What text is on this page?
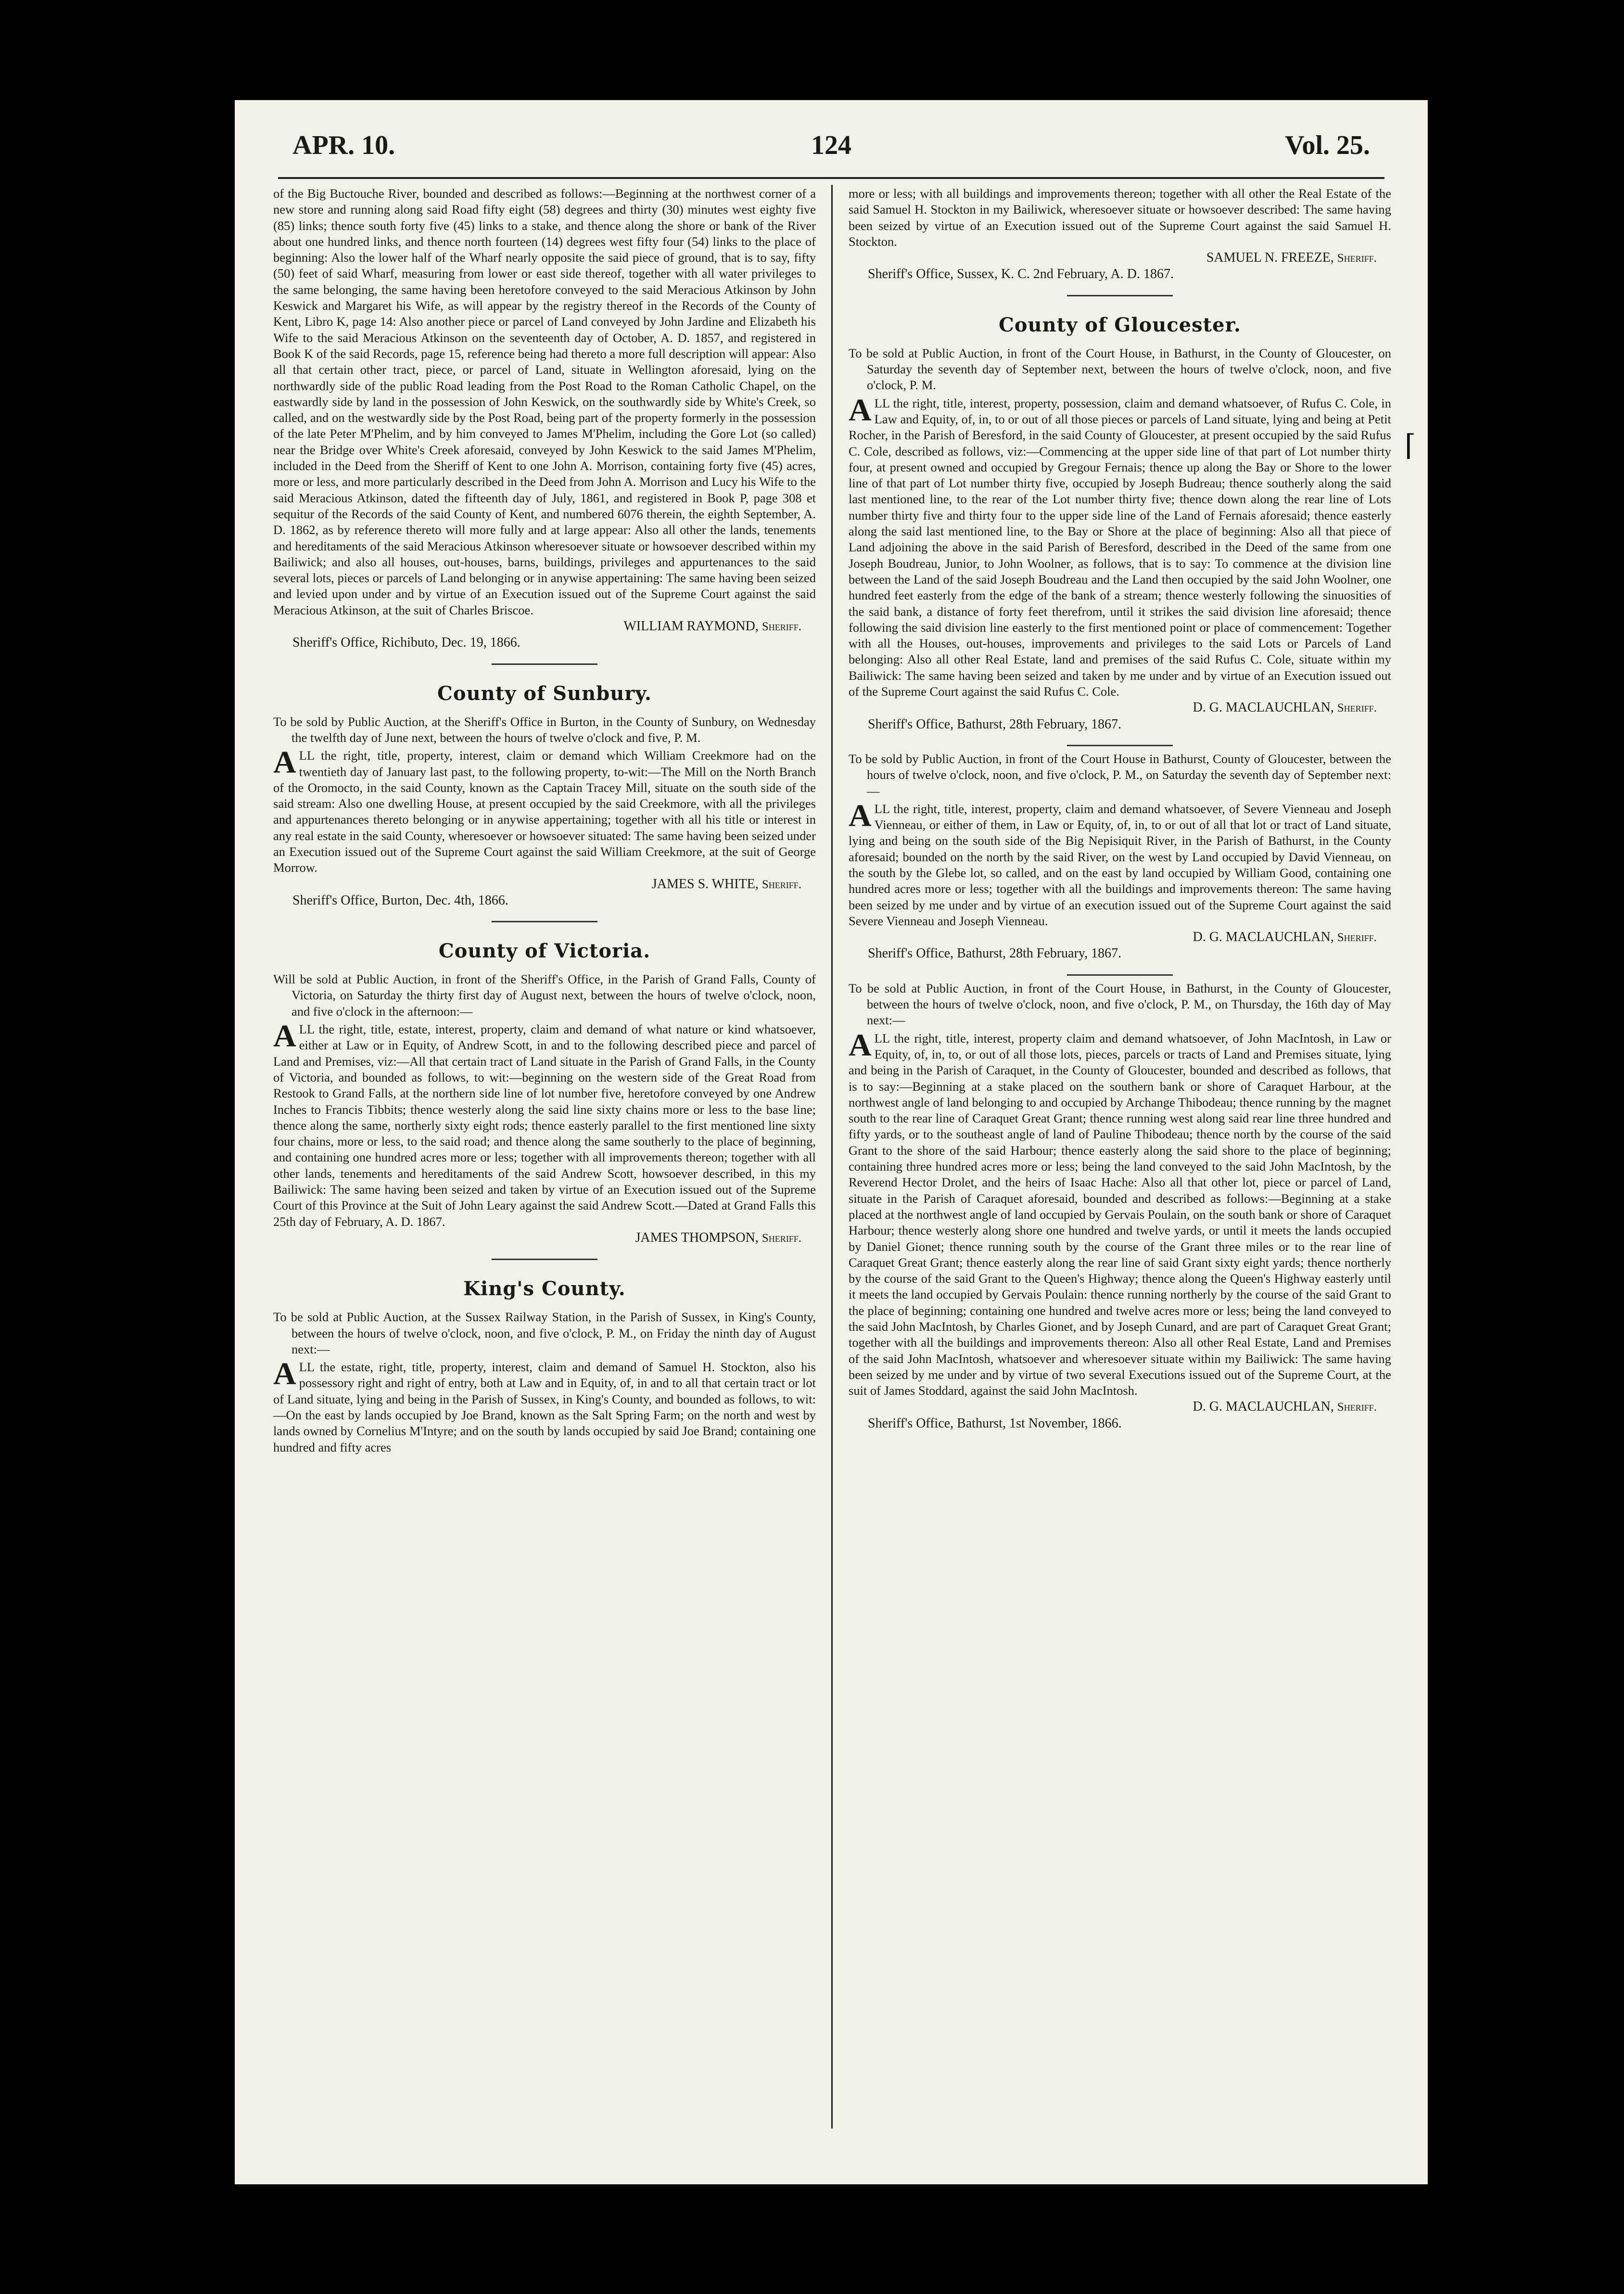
APR. 10.	124	Vol. 25.
⌈

of the Big Buctouche River, bounded and described as follows:—Beginning at the northwest corner of a new store and running along said Road fifty eight (58) degrees and thirty (30) minutes west eighty five (85) links; thence south forty five (45) links to a stake, and thence along the shore or bank of the River about one hundred links, and thence north fourteen (14) degrees west fifty four (54) links to the place of beginning: Also the lower half of the Wharf nearly opposite the said piece of ground, that is to say, fifty (50) feet of said Wharf, measuring from lower or east side thereof, together with all water privileges to the same belonging, the same having been heretofore conveyed to the said Meracious Atkinson by John Keswick and Margaret his Wife, as will appear by the registry thereof in the Records of the County of Kent, Libro K, page 14: Also another piece or parcel of Land conveyed by John Jardine and Elizabeth his Wife to the said Meracious Atkinson on the seventeenth day of October, A. D. 1857, and registered in Book K of the said Records, page 15, reference being had thereto a more full description will appear: Also all that certain other tract, piece, or parcel of Land, situate in Wellington aforesaid, lying on the northwardly side of the public Road leading from the Post Road to the Roman Catholic Chapel, on the eastwardly side by land in the possession of John Keswick, on the southwardly side by White's Creek, so called, and on the westwardly side by the Post Road, being part of the property formerly in the possession of the late Peter M'Phelim, and by him conveyed to James M'Phelim, including the Gore Lot (so called) near the Bridge over White's Creek aforesaid, conveyed by John Keswick to the said James M'Phelim, included in the Deed from the Sheriff of Kent to one John A. Morrison, containing forty five (45) acres, more or less, and more particularly described in the Deed from John A. Morrison and Lucy his Wife to the said Meracious Atkinson, dated the fifteenth day of July, 1861, and registered in Book P, page 308 et sequitur of the Records of the said County of Kent, and numbered 6076 therein, the eighth September, A. D. 1862, as by reference thereto will more fully and at large appear: Also all other the lands, tenements and hereditaments of the said Meracious Atkinson wheresoever situate or howsoever described within my Bailiwick; and also all houses, out-houses, barns, buildings, privileges and appurtenances to the said several lots, pieces or parcels of Land belonging or in anywise appertaining: The same having been seized and levied upon under and by virtue of an Execution issued out of the Supreme Court against the said Meracious Atkinson, at the suit of Charles Briscoe.

WILLIAM RAYMOND, Sheriff.

Sheriff's Office, Richibuto, Dec. 19, 1866.

County of Sunbury.

To be sold by Public Auction, at the Sheriff's Office in Burton, in the County of Sunbury, on Wednesday the twelfth day of June next, between the hours of twelve o'clock and five, P. M.

ALL the right, title, property, interest, claim or demand which William Creekmore had on the twentieth day of January last past, to the following property, to-wit:—The Mill on the North Branch of the Oromocto, in the said County, known as the Captain Tracey Mill, situate on the south side of the said stream: Also one dwelling House, at present occupied by the said Creekmore, with all the privileges and appurtenances thereto belonging or in anywise appertaining; together with all his title or interest in any real estate in the said County, wheresoever or howsoever situated: The same having been seized under an Execution issued out of the Supreme Court against the said William Creekmore, at the suit of George Morrow.

JAMES S. WHITE, Sheriff.

Sheriff's Office, Burton, Dec. 4th, 1866.

County of Victoria.

Will be sold at Public Auction, in front of the Sheriff's Office, in the Parish of Grand Falls, County of Victoria, on Saturday the thirty first day of August next, between the hours of twelve o'clock, noon, and five o'clock in the afternoon:—

ALL the right, title, estate, interest, property, claim and demand of what nature or kind whatsoever, either at Law or in Equity, of Andrew Scott, in and to the following described piece and parcel of Land and Premises, viz:—All that certain tract of Land situate in the Parish of Grand Falls, in the County of Victoria, and bounded as follows, to wit:—beginning on the western side of the Great Road from Restook to Grand Falls, at the northern side line of lot number five, heretofore conveyed by one Andrew Inches to Francis Tibbits; thence westerly along the said line sixty chains more or less to the base line; thence along the same, northerly sixty eight rods; thence easterly parallel to the first mentioned line sixty four chains, more or less, to the said road; and thence along the same southerly to the place of beginning, and containing one hundred acres more or less; together with all improvements thereon; together with all other lands, tenements and hereditaments of the said Andrew Scott, howsoever described, in this my Bailiwick: The same having been seized and taken by virtue of an Execution issued out of the Supreme Court of this Province at the Suit of John Leary against the said Andrew Scott.—Dated at Grand Falls this 25th day of February, A. D. 1867.

JAMES THOMPSON, Sheriff.

King's County.

To be sold at Public Auction, at the Sussex Railway Station, in the Parish of Sussex, in King's County, between the hours of twelve o'clock, noon, and five o'clock, P. M., on Friday the ninth day of August next:—

ALL the estate, right, title, property, interest, claim and demand of Samuel H. Stockton, also his possessory right and right of entry, both at Law and in Equity, of, in and to all that certain tract or lot of Land situate, lying and being in the Parish of Sussex, in King's County, and bounded as follows, to wit:—On the east by lands occupied by Joe Brand, known as the Salt Spring Farm; on the north and west by lands owned by Cornelius M'Intyre; and on the south by lands occupied by said Joe Brand; containing one hundred and fifty acres

more or less; with all buildings and improvements thereon; together with all other the Real Estate of the said Samuel H. Stockton in my Bailiwick, wheresoever situate or howsoever described: The same having been seized by virtue of an Execution issued out of the Supreme Court against the said Samuel H. Stockton.

SAMUEL N. FREEZE, Sheriff.

Sheriff's Office, Sussex, K. C. 2nd February, A. D. 1867.

County of Gloucester.

To be sold at Public Auction, in front of the Court House, in Bathurst, in the County of Gloucester, on Saturday the seventh day of September next, between the hours of twelve o'clock, noon, and five o'clock, P. M.

ALL the right, title, interest, property, possession, claim and demand whatsoever, of Rufus C. Cole, in Law and Equity, of, in, to or out of all those pieces or parcels of Land situate, lying and being at Petit Rocher, in the Parish of Beresford, in the said County of Gloucester, at present occupied by the said Rufus C. Cole, described as follows, viz:—Commencing at the upper side line of that part of Lot number thirty four, at present owned and occupied by Gregour Fernais; thence up along the Bay or Shore to the lower line of that part of Lot number thirty five, occupied by Joseph Budreau; thence southerly along the said last mentioned line, to the rear of the Lot number thirty five; thence down along the rear line of Lots number thirty five and thirty four to the upper side line of the Land of Fernais aforesaid; thence easterly along the said last mentioned line, to the Bay or Shore at the place of beginning: Also all that piece of Land adjoining the above in the said Parish of Beresford, described in the Deed of the same from one Joseph Boudreau, Junior, to John Woolner, as follows, that is to say: To commence at the division line between the Land of the said Joseph Boudreau and the Land then occupied by the said John Woolner, one hundred feet easterly from the edge of the bank of a stream; thence westerly following the sinuosities of the said bank, a distance of forty feet therefrom, until it strikes the said division line aforesaid; thence following the said division line easterly to the first mentioned point or place of commencement: Together with all the Houses, out-houses, improvements and privileges to the said Lots or Parcels of Land belonging: Also all other Real Estate, land and premises of the said Rufus C. Cole, situate within my Bailiwick: The same having been seized and taken by me under and by virtue of an Execution issued out of the Supreme Court against the said Rufus C. Cole.

D. G. MACLAUCHLAN, Sheriff.

Sheriff's Office, Bathurst, 28th February, 1867.

To be sold by Public Auction, in front of the Court House in Bathurst, County of Gloucester, between the hours of twelve o'clock, noon, and five o'clock, P. M., on Saturday the seventh day of September next:—

ALL the right, title, interest, property, claim and demand whatsoever, of Severe Vienneau and Joseph Vienneau, or either of them, in Law or Equity, of, in, to or out of all that lot or tract of Land situate, lying and being on the south side of the Big Nepisiquit River, in the Parish of Bathurst, in the County aforesaid; bounded on the north by the said River, on the west by Land occupied by David Vienneau, on the south by the Glebe lot, so called, and on the east by land occupied by William Good, containing one hundred acres more or less; together with all the buildings and improvements thereon: The same having been seized by me under and by virtue of an execution issued out of the Supreme Court against the said Severe Vienneau and Joseph Vienneau.

D. G. MACLAUCHLAN, Sheriff.

Sheriff's Office, Bathurst, 28th February, 1867.

To be sold at Public Auction, in front of the Court House, in Bathurst, in the County of Gloucester, between the hours of twelve o'clock, noon, and five o'clock, P. M., on Thursday, the 16th day of May next:—

ALL the right, title, interest, property claim and demand whatsoever, of John MacIntosh, in Law or Equity, of, in, to, or out of all those lots, pieces, parcels or tracts of Land and Premises situate, lying and being in the Parish of Caraquet, in the County of Gloucester, bounded and described as follows, that is to say:—Beginning at a stake placed on the southern bank or shore of Caraquet Harbour, at the northwest angle of land belonging to and occupied by Archange Thibodeau; thence running by the magnet south to the rear line of Caraquet Great Grant; thence running west along said rear line three hundred and fifty yards, or to the southeast angle of land of Pauline Thibodeau; thence north by the course of the said Grant to the shore of the said Harbour; thence easterly along the said shore to the place of beginning; containing three hundred acres more or less; being the land conveyed to the said John MacIntosh, by the Reverend Hector Drolet, and the heirs of Isaac Hache: Also all that other lot, piece or parcel of Land, situate in the Parish of Caraquet aforesaid, bounded and described as follows:—Beginning at a stake placed at the northwest angle of land occupied by Gervais Poulain, on the south bank or shore of Caraquet Harbour; thence westerly along shore one hundred and twelve yards, or until it meets the lands occupied by Daniel Gionet; thence running south by the course of the Grant three miles or to the rear line of Caraquet Great Grant; thence easterly along the rear line of said Grant sixty eight yards; thence northerly by the course of the said Grant to the Queen's Highway; thence along the Queen's Highway easterly until it meets the land occupied by Gervais Poulain: thence running northerly by the course of the said Grant to the place of beginning; containing one hundred and twelve acres more or less; being the land conveyed to the said John MacIntosh, by Charles Gionet, and by Joseph Cunard, and are part of Caraquet Great Grant; together with all the buildings and improvements thereon: Also all other Real Estate, Land and Premises of the said John MacIntosh, whatsoever and wheresoever situate within my Bailiwick: The same having been seized by me under and by virtue of two several Executions issued out of the Supreme Court, at the suit of James Stoddard, against the said John MacIntosh.

D. G. MACLAUCHLAN, Sheriff.

Sheriff's Office, Bathurst, 1st November, 1866.
